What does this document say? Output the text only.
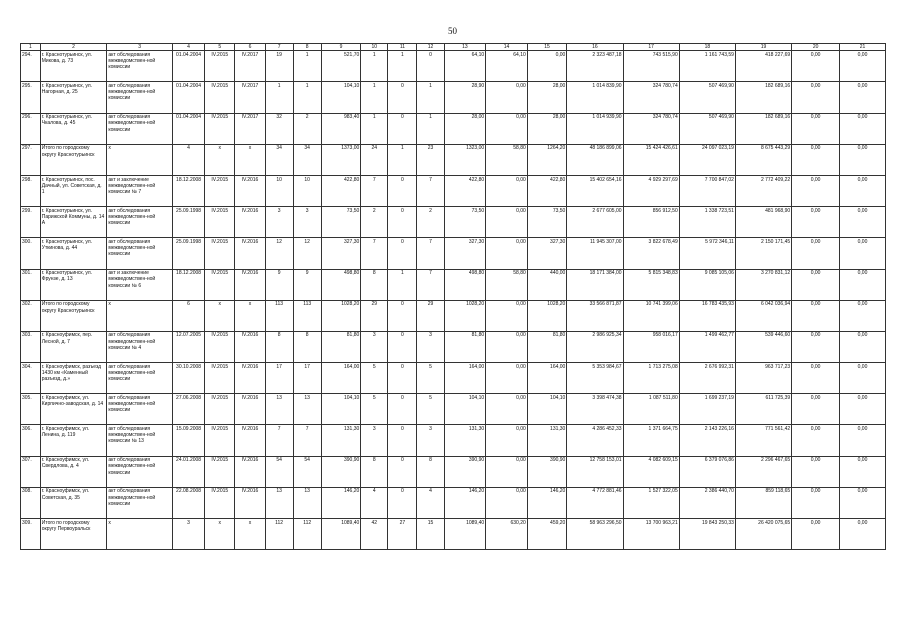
50
1	2	3	4	5	6	7	8	9	10	11	12	13	14	15	16	17	18	19	20	21
294.	г. Краснотурьинск, ул. Микова, д. 73	акт обследования межведомствен-ной комиссии	01.04.2004	IV.2015	IV.2017	19	1	521,70	1	1	0	64,10	64,10	0,00	2 323 487,18	743 515,90	1 161 743,59	418 227,69	0,00	0,00
295.	г. Краснотурьинск, ул. Нагорная, д. 25	акт обследования межведомствен-ной комиссии	01.04.2004	IV.2015	IV.2017	1	1	104,10	1	0	1	28,90	0,00	28,00	1 014 839,90	324 780,74	507 469,90	182 689,16	0,00	0,00
296.	г. Краснотурьинск, ул. Чкалова, д. 45	акт обследования межведомствен-ной комиссии	01.04.2004	IV.2015	IV.2017	32	2	983,40	1	0	1	28,00	0,00	28,00	1 014 939,90	324 780,74	507 469,90	182 689,16	0,00	0,00
297.	Итого по городскому округу Краснотурьинск	x	4	x	x	34	34	1373,00	24	1	23	1323,00	58,80	1264,20	48 186 899,06	15 424 426,61	24 097 023,19	8 675 443,29	0,00	0,00
298.	г. Краснотурьинск, пос. Дачный, ул. Советская, д. 1	акт и заключение межведомствен-ной комиссии № 7	18.12.2008	IV.2015	IV.2016	10	10	422,80	7	0	7	422,80	0,00	422,80	15 402 654,16	4 929 297,69	7 700 847,02	2 772 409,22	0,00	0,00
299.	г. Краснотурьинск, ул. Парижской Коммуны, д. 14 А	акт обследования межведомствен-ной комиссии	25.09.1998	IV.2015	IV.2016	3	3	73,50	2	0	2	73,50	0,00	73,50	2 677 605,00	856 912,50	1 338 723,51	481 968,90	0,00	0,00
300.	г. Краснотурьинск, ул. Уткинова, д. 44	акт обследования межведомствен-ной комиссии	25.09.1998	IV.2015	IV.2016	12	12	327,30	7	0	7	327,30	0,00	327,30	11 945 307,00	3 822 678,49	5 972 346,11	2 150 171,45	0,00	0,00
301.	г. Краснотурьинск, ул. Фрунзе, д. 13	акт и заключение межведомствен-ной комиссии № 6	18.12.2008	IV.2015	IV.2016	9	9	498,80	8	1	7	498,80	58,80	440,00	18 171 384,00	5 815 348,83	9 085 105,06	3 270 831,12	0,00	0,00
302.	Итого по городскому округу Краснотурьинск	x	6	x	x	113	113	1028,20	29	0	29	1028,20	0,00	1028,20	33 566 871,87	10 741 399,06	16 783 435,93	6 042 036,94	0,00	0,00
303.	г. Красноуфимск, пер. Лесной, д. 7	акт обследования межведомствен-ной комиссии № 4	12.07.2005	IV.2015	IV.2016	8	8	81,80	3	0	3	81,80	0,00	81,80	2 986 925,34	958 016,17	1 499 462,77	539 446,60	0,00	0,00
304.	г. Красноуфимск, разъезд 1430 км «Каменный разъезд, д.»	акт обследования межведомствен-ной комиссии	30.10.2008	IV.2015	IV.2016	17	17	164,00	5	0	5	164,00	0,00	164,00	5 353 984,67	1 713 275,08	2 676 992,31	963 717,23	0,00	0,00
305.	г. Красноуфимск, ул. Кирпично-заводская, д. 14	акт обследования межведомствен-ной комиссии	27.06.2008	IV.2015	IV.2016	13	13	104,10	5	0	5	104,10	0,00	104,10	3 398 474,38	1 087 511,80	1 699 237,19	611 725,39	0,00	0,00
306.	г. Красноуфимск, ул. Ленина, д. 119	акт обследования межведомствен-ной комиссии № 13	15.09.2008	IV.2015	IV.2016	7	7	131,30	3	0	3	131,30	0,00	131,30	4 286 452,33	1 371 664,75	2 143 226,16	771 561,42	0,00	0,00
307.	г. Красноуфимск, ул. Свердлова, д. 4	акт обследования межведомствен-ной комиссии	24.01.2008	IV.2015	IV.2016	54	54	390,90	8	0	8	390,90	0,00	390,90	12 758 153,01	4 082 609,15	6 379 076,86	2 296 467,65	0,00	0,00
308.	г. Красноуфимск, ул. Советская, д. 35	акт обследования межведомствен-ной комиссии	22.08.2008	IV.2015	IV.2016	13	13	146,20	4	0	4	146,20	0,00	146,20	4 772 881,46	1 527 322,05	2 386 440,70	859 118,65	0,00	0,00
309.	Итого по городскому округу Первоуральск	x	3	x	x	112	112	1089,40	42	27	15	1089,40	630,20	459,20	58 963 296,50	13 700 963,21	19 843 250,33	26 420 075,65	0,00	0,00
